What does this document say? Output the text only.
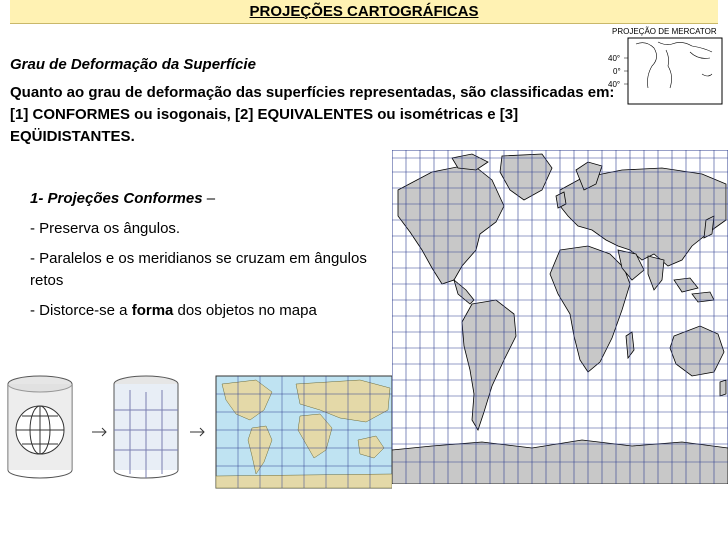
PROJEÇÕES CARTOGRÁFICAS
Grau de Deformação da Superfície
Quanto ao grau de deformação das superfícies representadas, são classificadas em: [1] CONFORMES ou isogonais, [2] EQUIVALENTES ou isométricas e [3] EQÜIDISTANTES.
1- Projeções Conformes –

- Preserva os ângulos.

- Paralelos e os meridianos se cruzam em ângulos retos

- Distorce-se a forma dos objetos no mapa

PROJEÇÃO DE MERCATOR
40°
0°
40°
